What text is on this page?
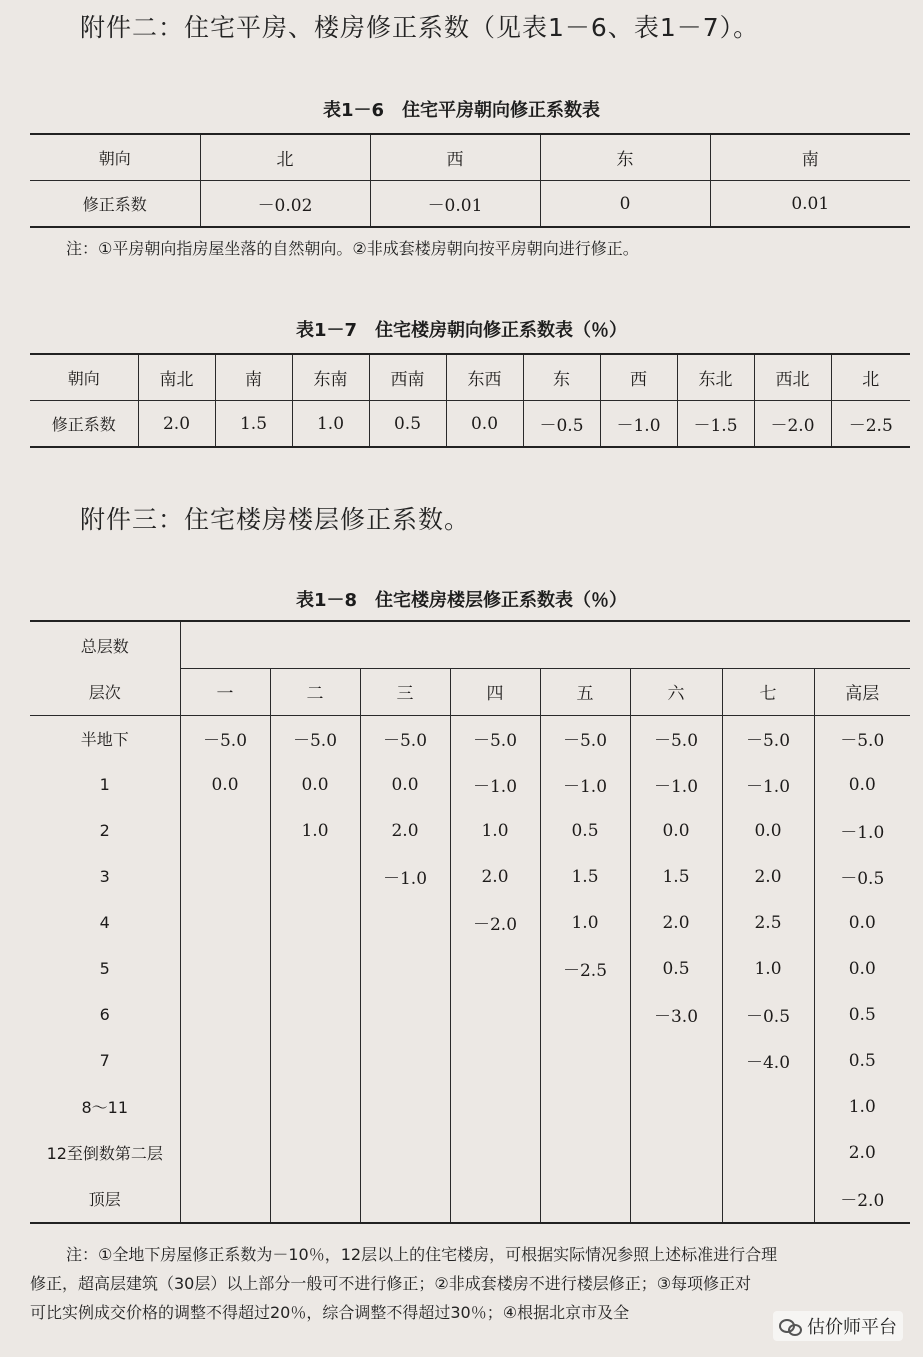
附件二：住宅平房、楼房修正系数（见表1－6、表1－7）。
表1－6　住宅平房朝向修正系数表
朝向	北	西	东	南
修正系数	－0.02	－0.01	0	0.01
注：①平房朝向指房屋坐落的自然朝向。②非成套楼房朝向按平房朝向进行修正。
表1－7　住宅楼房朝向修正系数表（％）
朝向	南北	南	东南	西南	东西	东	西	东北	西北	北
修正系数	2.0	1.5	1.0	0.5	0.0	－0.5	－1.0	－1.5	－2.0	－2.5
附件三：住宅楼房楼层修正系数。
表1－8　住宅楼房楼层修正系数表（％）
总层数								
层次	一	二	三	四	五	六	七	高层
半地下	－5.0	－5.0	－5.0	－5.0	－5.0	－5.0	－5.0	－5.0
1	0.0	0.0	0.0	－1.0	－1.0	－1.0	－1.0	0.0
2		1.0	2.0	1.0	0.5	0.0	0.0	－1.0
3			－1.0	2.0	1.5	1.5	2.0	－0.5
4				－2.0	1.0	2.0	2.5	0.0
5					－2.5	0.5	1.0	0.0
6						－3.0	－0.5	0.5
7							－4.0	0.5
8～11								1.0
12至倒数第二层								2.0
顶层								－2.0
注：①全地下房屋修正系数为－10％，12层以上的住宅楼房，可根据实际情况参照上述标准进行合理
修正，超高层建筑（30层）以上部分一般可不进行修正；②非成套楼房不进行楼层修正；③每项修正对
可比实例成交价格的调整不得超过20％，综合调整不得超过30％；④根据北京市及全
估价师平台
